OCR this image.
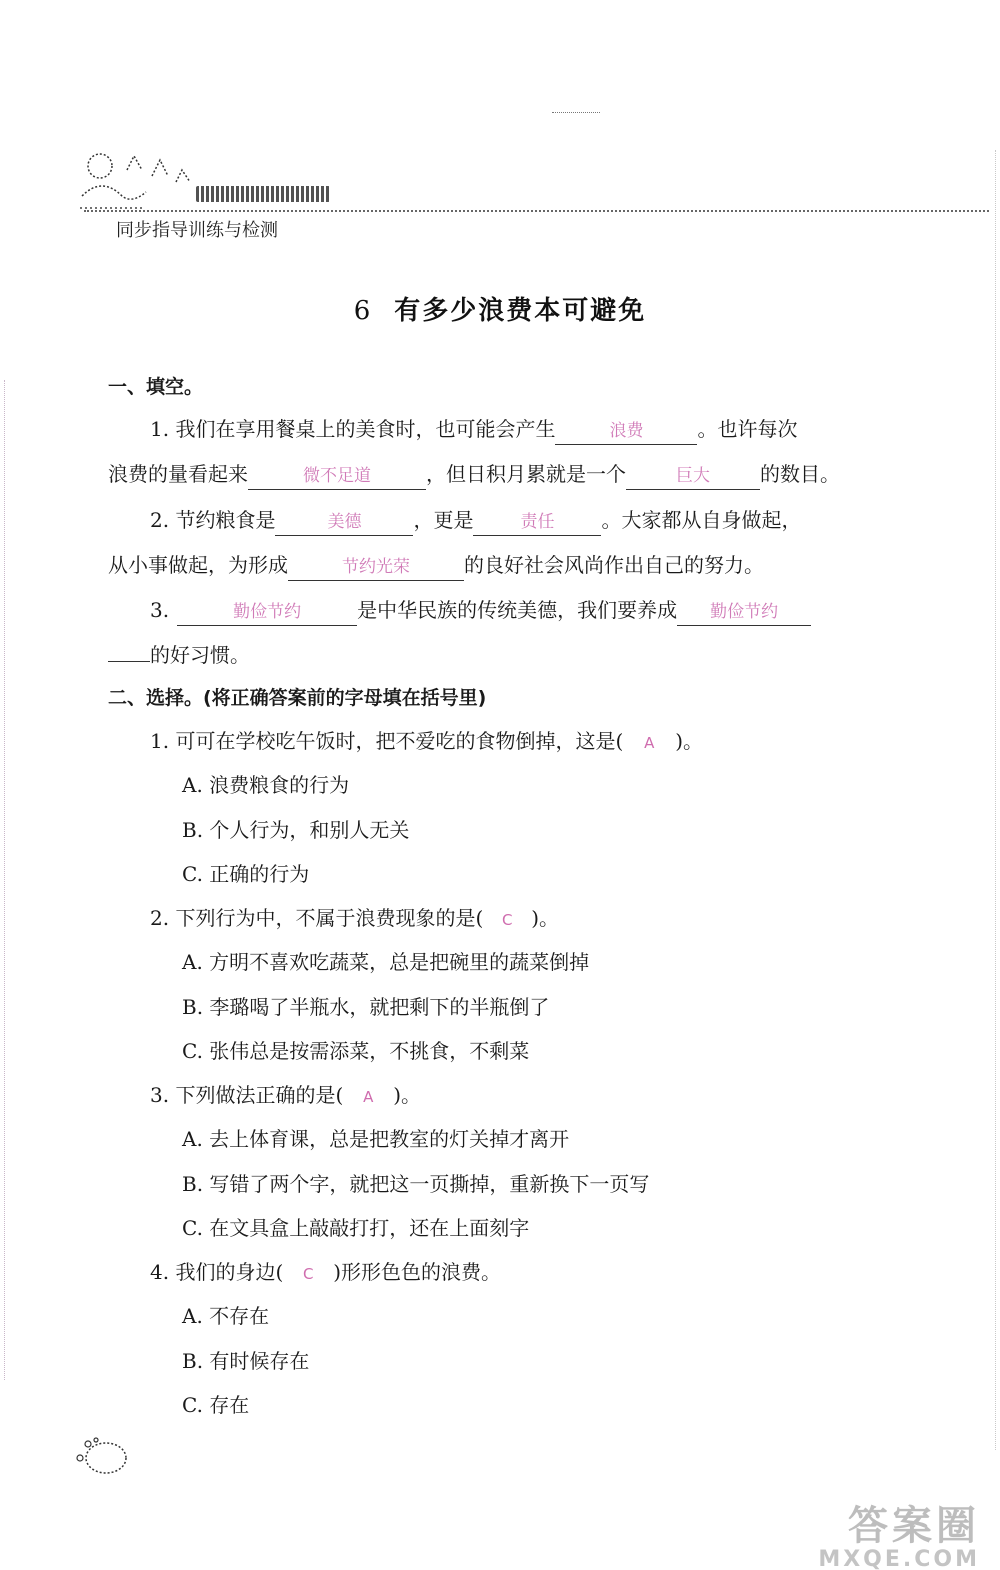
同步指导训练与检测
6 有多少浪费本可避免
一、填空。
1. 我们在享用餐桌上的美食时，也可能会产生	浪费	。也许每次
浪费的量看起来	微不足道	，但日积月累就是一个	巨大	的数目。
2. 节约粮食是	美德	，更是	责任 。大家都从自身做起，
从小事做起，为形成	节约光荣	的良好社会风尚作出自己的努力。
3.	勤俭节约	是中华民族的传统美德，我们要养成 勤俭节约
的好习惯。
二、选择。(将正确答案前的字母填在括号里)
1. 可可在学校吃午饭时，把不爱吃的食物倒掉，这是( A )。
A. 浪费粮食的行为
B. 个人行为，和别人无关
C. 正确的行为
2. 下列行为中，不属于浪费现象的是( C )。
A. 方明不喜欢吃蔬菜，总是把碗里的蔬菜倒掉
B. 李璐喝了半瓶水，就把剩下的半瓶倒了
C. 张伟总是按需添菜，不挑食，不剩菜
3. 下列做法正确的是( A )。
A. 去上体育课，总是把教室的灯关掉才离开
B. 写错了两个字，就把这一页撕掉，重新换下一页写
C. 在文具盒上敲敲打打，还在上面刻字
4. 我们的身边( C )形形色色的浪费。
A. 不存在
B. 有时候存在
C. 存在
答案圈
MXQE.COM
